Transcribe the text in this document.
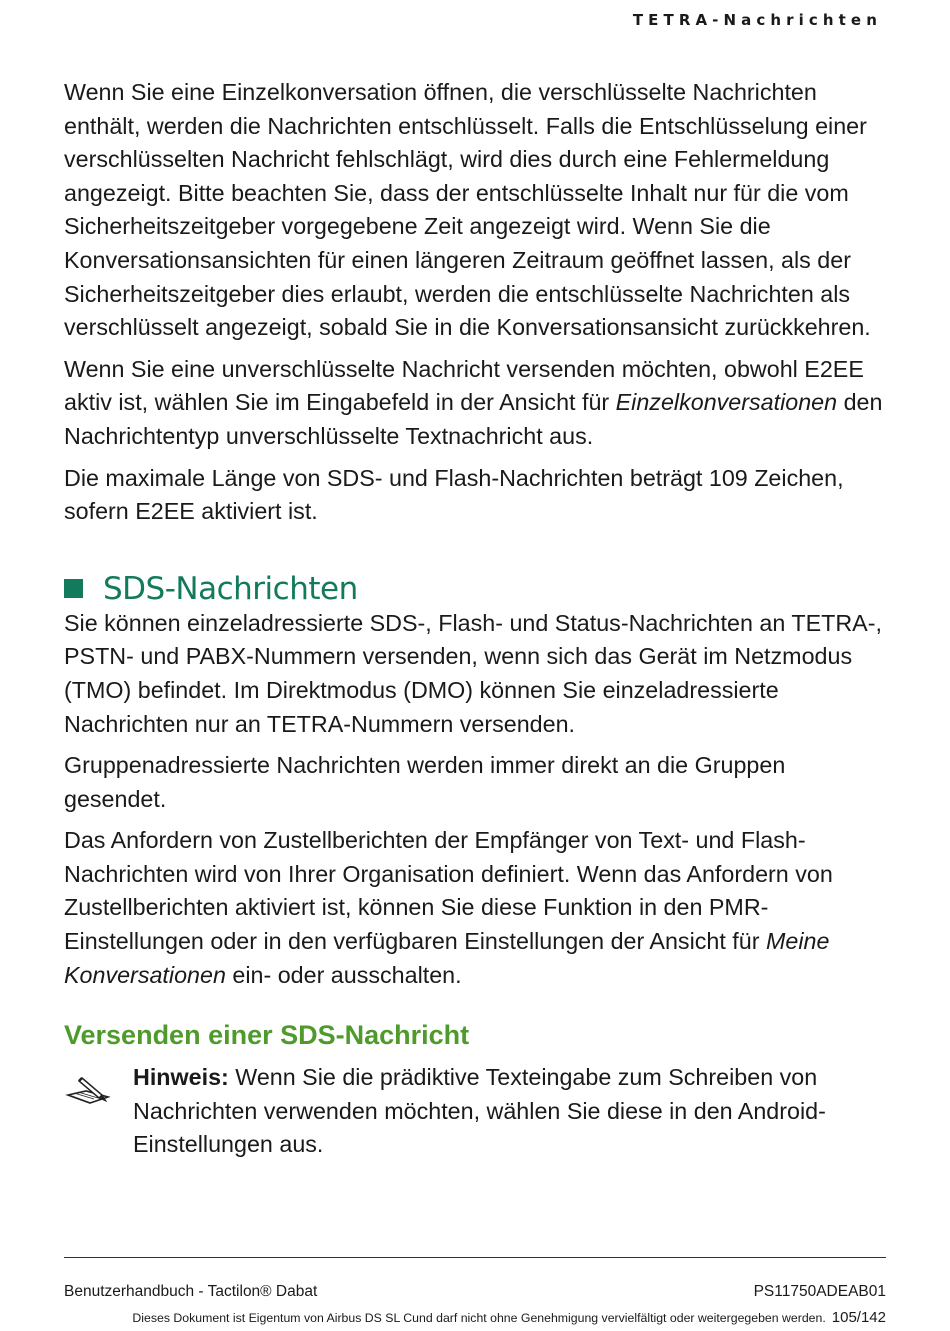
TETRA-Nachrichten

Wenn Sie eine Einzelkonversation öffnen, die verschlüsselte Nachrichten enthält, werden die Nachrichten entschlüsselt. Falls die Entschlüsselung einer verschlüsselten Nachricht fehlschlägt, wird dies durch eine Fehlermeldung angezeigt. Bitte beachten Sie, dass der entschlüsselte Inhalt nur für die vom Sicherheitszeitgeber vorgegebene Zeit angezeigt wird. Wenn Sie die Konversationsansichten für einen längeren Zeitraum geöffnet lassen, als der Sicherheitszeitgeber dies erlaubt, werden die entschlüsselte Nachrichten als verschlüsselt angezeigt, sobald Sie in die Konversationsansicht zurückkehren.

Wenn Sie eine unverschlüsselte Nachricht versenden möchten, obwohl E2EE aktiv ist, wählen Sie im Eingabefeld in der Ansicht für Einzelkonversationen den Nachrichtentyp unverschlüsselte Textnachricht aus.

Die maximale Länge von SDS- und Flash-Nachrichten beträgt 109 Zeichen, sofern E2EE aktiviert ist.

SDS-Nachrichten

Sie können einzeladressierte SDS-, Flash- und Status-Nachrichten an TETRA-, PSTN- und PABX-Nummern versenden, wenn sich das Gerät im Netzmodus (TMO) befindet. Im Direktmodus (DMO) können Sie einzeladressierte Nachrichten nur an TETRA-Nummern versenden.

Gruppenadressierte Nachrichten werden immer direkt an die Gruppen gesendet.

Das Anfordern von Zustellberichten der Empfänger von Text- und Flash-Nachrichten wird von Ihrer Organisation definiert. Wenn das Anfordern von Zustellberichten aktiviert ist, können Sie diese Funktion in den PMR-Einstellungen oder in den verfügbaren Einstellungen der Ansicht für Meine Konversationen ein- oder ausschalten.

Versenden einer SDS-Nachricht

Hinweis: Wenn Sie die prädiktive Texteingabe zum Schreiben von Nachrichten verwenden möchten, wählen Sie diese in den Android-Einstellungen aus.

Benutzerhandbuch - Tactilon® Dabat	PS11750ADEAB01
Dieses Dokument ist Eigentum von Airbus DS SL Cund darf nicht ohne Genehmigung vervielfältigt oder weitergegeben werden. 105/142
